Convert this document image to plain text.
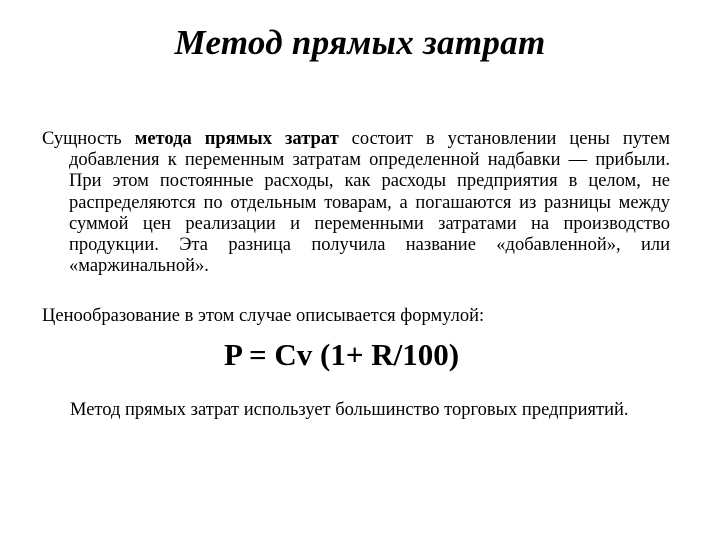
Метод прямых затрат
Сущность метода прямых затрат состоит в установлении цены путем добавления к переменным затратам определенной надбавки — прибыли. При этом постоянные расходы, как расходы предприятия в целом, не распределяются по отдельным товарам, а погашаются из разницы между суммой цен реализации и переменными затратами на производство продукции. Эта разница получила название «добавленной», или «маржинальной».
Ценообразование в этом случае описывается формулой:
P = Cv (1+ R/100)
Метод прямых затрат использует большинство торговых предприятий.
